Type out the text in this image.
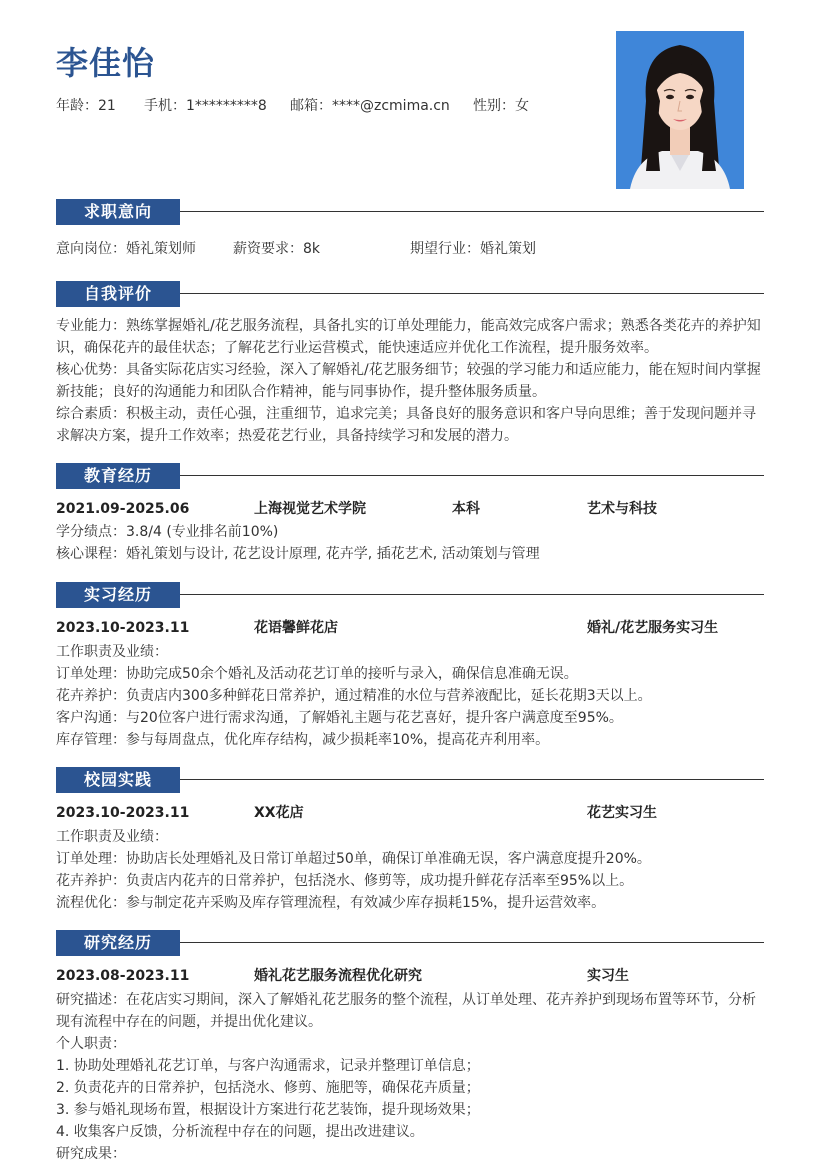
李佳怡
年龄：21 手机：1*********8 邮箱：****@zcmima.cn 性别：女
求职意向
意向岗位：婚礼策划师	薪资要求：8k	期望行业：婚礼策划
自我评价
专业能力：熟练掌握婚礼/花艺服务流程，具备扎实的订单处理能力，能高效完成客户需求；熟悉各类花卉的养护知识，确保花卉的最佳状态；了解花艺行业运营模式，能快速适应并优化工作流程，提升服务效率。
核心优势：具备实际花店实习经验，深入了解婚礼/花艺服务细节；较强的学习能力和适应能力，能在短时间内掌握新技能；良好的沟通能力和团队合作精神，能与同事协作，提升整体服务质量。
综合素质：积极主动，责任心强，注重细节，追求完美；具备良好的服务意识和客户导向思维；善于发现问题并寻求解决方案，提升工作效率；热爱花艺行业，具备持续学习和发展的潜力。
教育经历
2021.09-2025.06	上海视觉艺术学院	本科	艺术与科技
学分绩点：3.8/4 (专业排名前10%)
核心课程：婚礼策划与设计, 花艺设计原理, 花卉学, 插花艺术, 活动策划与管理
实习经历
2023.10-2023.11	花语馨鲜花店	婚礼/花艺服务实习生
工作职责及业绩：
订单处理：协助完成50余个婚礼及活动花艺订单的接听与录入，确保信息准确无误。
花卉养护：负责店内300多种鲜花日常养护，通过精准的水位与营养液配比，延长花期3天以上。
客户沟通：与20位客户进行需求沟通，了解婚礼主题与花艺喜好，提升客户满意度至95%。
库存管理：参与每周盘点，优化库存结构，减少损耗率10%，提高花卉利用率。
校园实践
2023.10-2023.11	XX花店	花艺实习生
工作职责及业绩：
订单处理：协助店长处理婚礼及日常订单超过50单，确保订单准确无误，客户满意度提升20%。
花卉养护：负责店内花卉的日常养护，包括浇水、修剪等，成功提升鲜花存活率至95%以上。
流程优化：参与制定花卉采购及库存管理流程，有效减少库存损耗15%，提升运营效率。
研究经历
2023.08-2023.11	婚礼花艺服务流程优化研究	实习生
研究描述：在花店实习期间，深入了解婚礼花艺服务的整个流程，从订单处理、花卉养护到现场布置等环节，分析现有流程中存在的问题，并提出优化建议。
个人职责：
1. 协助处理婚礼花艺订单，与客户沟通需求，记录并整理订单信息；
2. 负责花卉的日常养护，包括浇水、修剪、施肥等，确保花卉质量；
3. 参与婚礼现场布置，根据设计方案进行花艺装饰，提升现场效果；
4. 收集客户反馈，分析流程中存在的问题，提出改进建议。
研究成果：
